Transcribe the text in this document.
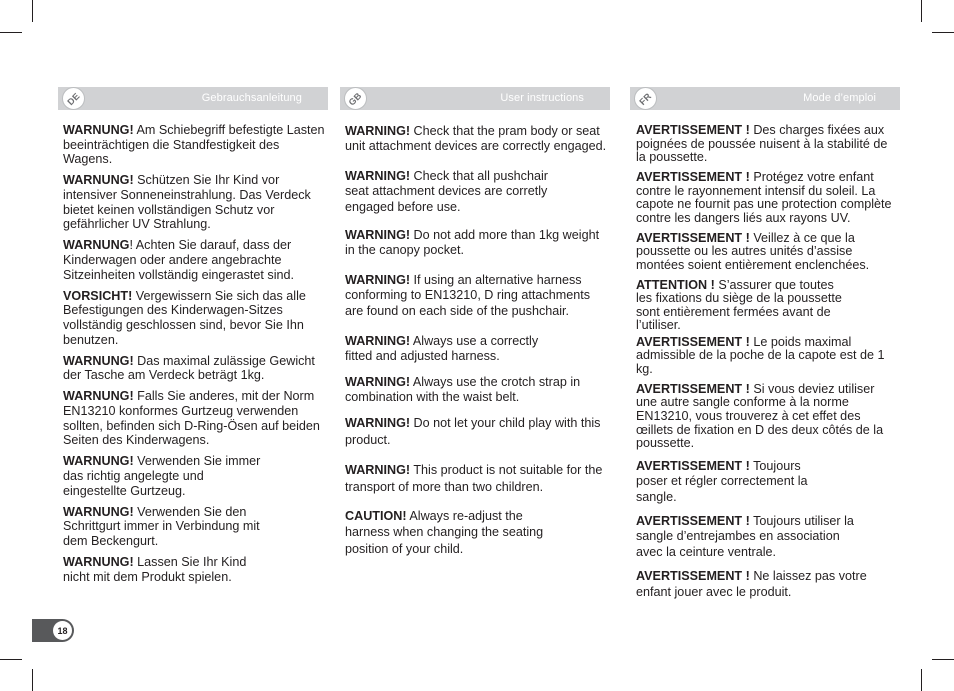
DE	Gebrauchsanleitung

WARNUNG! Am Schiebegriff befestigte Lasten beeinträchtigen die Standfestigkeit des Wagens.

WARNUNG! Schützen Sie Ihr Kind vor intensiver Sonneneinstrahlung. Das Verdeck bietet keinen vollständigen Schutz vor gefährlicher UV Strahlung.

WARNUNG! Achten Sie darauf, dass der Kinderwagen oder andere angebrachte Sitzeinheiten vollständig eingerastet sind.

VORSICHT! Vergewissern Sie sich das alle Befestigungen des Kinderwagen-Sitzes vollständig geschlossen sind, bevor Sie Ihn benutzen.

WARNUNG! Das maximal zulässige Gewicht der Tasche am Verdeck beträgt 1kg.

WARNUNG! Falls Sie anderes, mit der Norm EN13210 konformes Gurtzeug verwenden sollten, befinden sich D-Ring-Ösen auf beiden Seiten des Kinderwagens.

WARNUNG! Verwenden Sie immer das richtig angelegte und eingestellte Gurtzeug.

WARNUNG! Verwenden Sie den Schrittgurt immer in Verbindung mit dem Beckengurt.

WARNUNG! Lassen Sie Ihr Kind nicht mit dem Produkt spielen.

GB	User instructions

WARNING! Check that the pram body or seat unit attachment devices are correctly engaged.

WARNING! Check that all pushchair seat attachment devices are corretly engaged before use.

WARNING! Do not add more than 1kg weight in the canopy pocket.

WARNING! If using an alternative harness conforming to EN13210, D ring attachments are found on each side of the pushchair.

WARNING! Always use a correctly fitted and adjusted harness.

WARNING! Always use the crotch strap in combination with the waist belt.

WARNING! Do not let your child play with this product.

WARNING! This product is not suitable for the transport of more than two children.

CAUTION! Always re-adjust the harness when changing the seating position of your child.

FR	Mode d’emploi

AVERTISSEMENT ! Des charges fixées aux poignées de poussée nuisent à la stabilité de la poussette.

AVERTISSEMENT ! Protégez votre enfant contre le rayonnement intensif du soleil. La capote ne fournit pas une protection complète contre les dangers liés aux rayons UV.

AVERTISSEMENT ! Veillez à ce que la poussette ou les autres unités d’assise montées soient entièrement enclenchées.

ATTENTION ! S’assurer que toutes les fixations du siège de la poussette sont entièrement fermées avant de l’utiliser.

AVERTISSEMENT ! Le poids maximal admissible de la poche de la capote est de 1 kg.

AVERTISSEMENT ! Si vous deviez utiliser une autre sangle conforme à la norme EN13210, vous trouverez à cet effet des œillets de fixation en D des deux côtés de la poussette.

AVERTISSEMENT ! Toujours poser et régler correctement la sangle.

AVERTISSEMENT ! Toujours utiliser la sangle d’entrejambes en association avec la ceinture ventrale.

AVERTISSEMENT ! Ne laissez pas votre enfant jouer avec le produit.

18
